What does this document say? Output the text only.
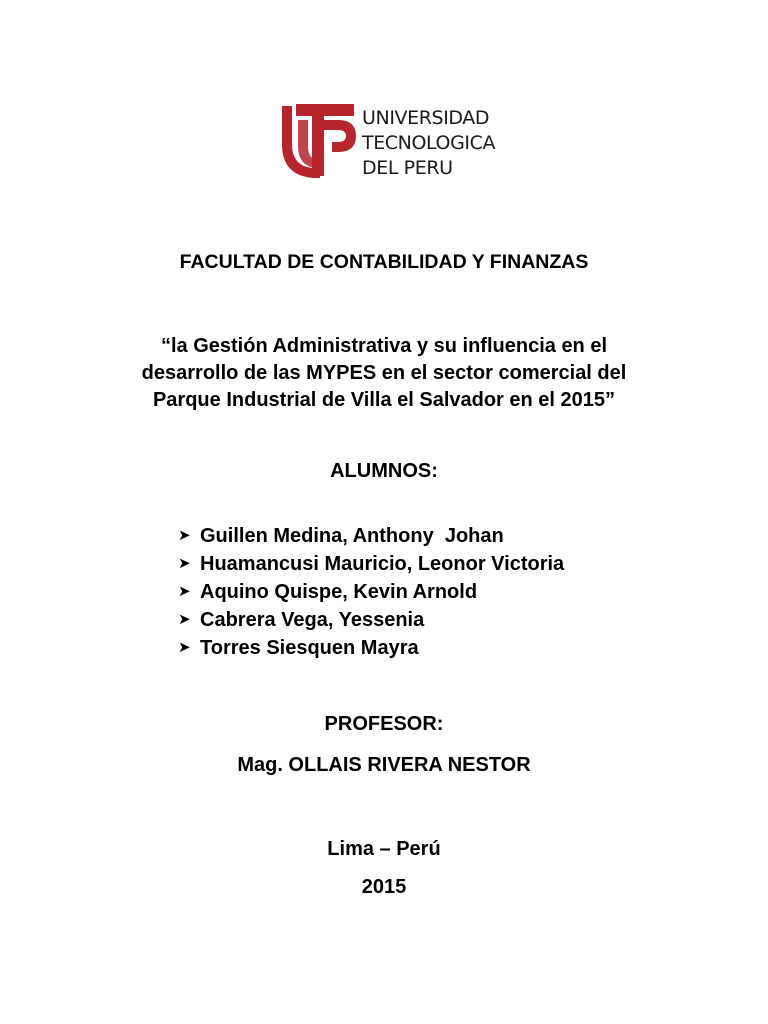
UNIVERSIDAD
TECNOLOGICA
DEL PERU
FACULTAD DE CONTABILIDAD Y FINANZAS
“la Gestión Administrativa y su influencia en el
desarrollo de las MYPES en el sector comercial del
Parque Industrial de Villa el Salvador en el 2015”
ALUMNOS:
➤ Guillen Medina, Anthony  Johan
➤ Huamancusi Mauricio, Leonor Victoria
➤ Aquino Quispe, Kevin Arnold
➤ Cabrera Vega, Yessenia
➤ Torres Siesquen Mayra
PROFESOR:
Mag. OLLAIS RIVERA NESTOR
Lima – Perú
2015
